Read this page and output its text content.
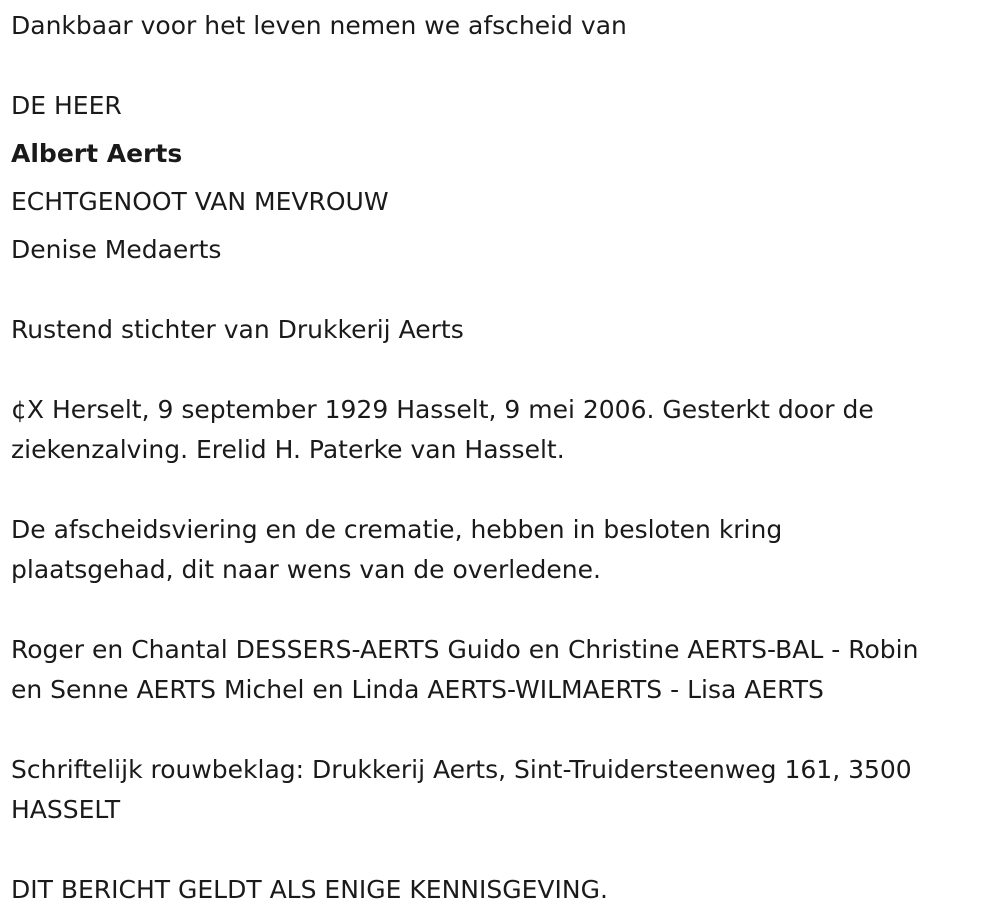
Dankbaar voor het leven nemen we afscheid van
DE HEER
Albert Aerts
ECHTGENOOT VAN MEVROUW
Denise Medaerts
Rustend stichter van Drukkerij Aerts
¢X Herselt, 9 september 1929 Hasselt, 9 mei 2006. Gesterkt door de
ziekenzalving. Erelid H. Paterke van Hasselt.
De afscheidsviering en de crematie, hebben in besloten kring
plaatsgehad, dit naar wens van de overledene.
Roger en Chantal DESSERS-AERTS Guido en Christine AERTS-BAL - Robin
en Senne AERTS Michel en Linda AERTS-WILMAERTS - Lisa AERTS
Schriftelijk rouwbeklag: Drukkerij Aerts, Sint-Truidersteenweg 161, 3500
HASSELT
DIT BERICHT GELDT ALS ENIGE KENNISGEVING.
